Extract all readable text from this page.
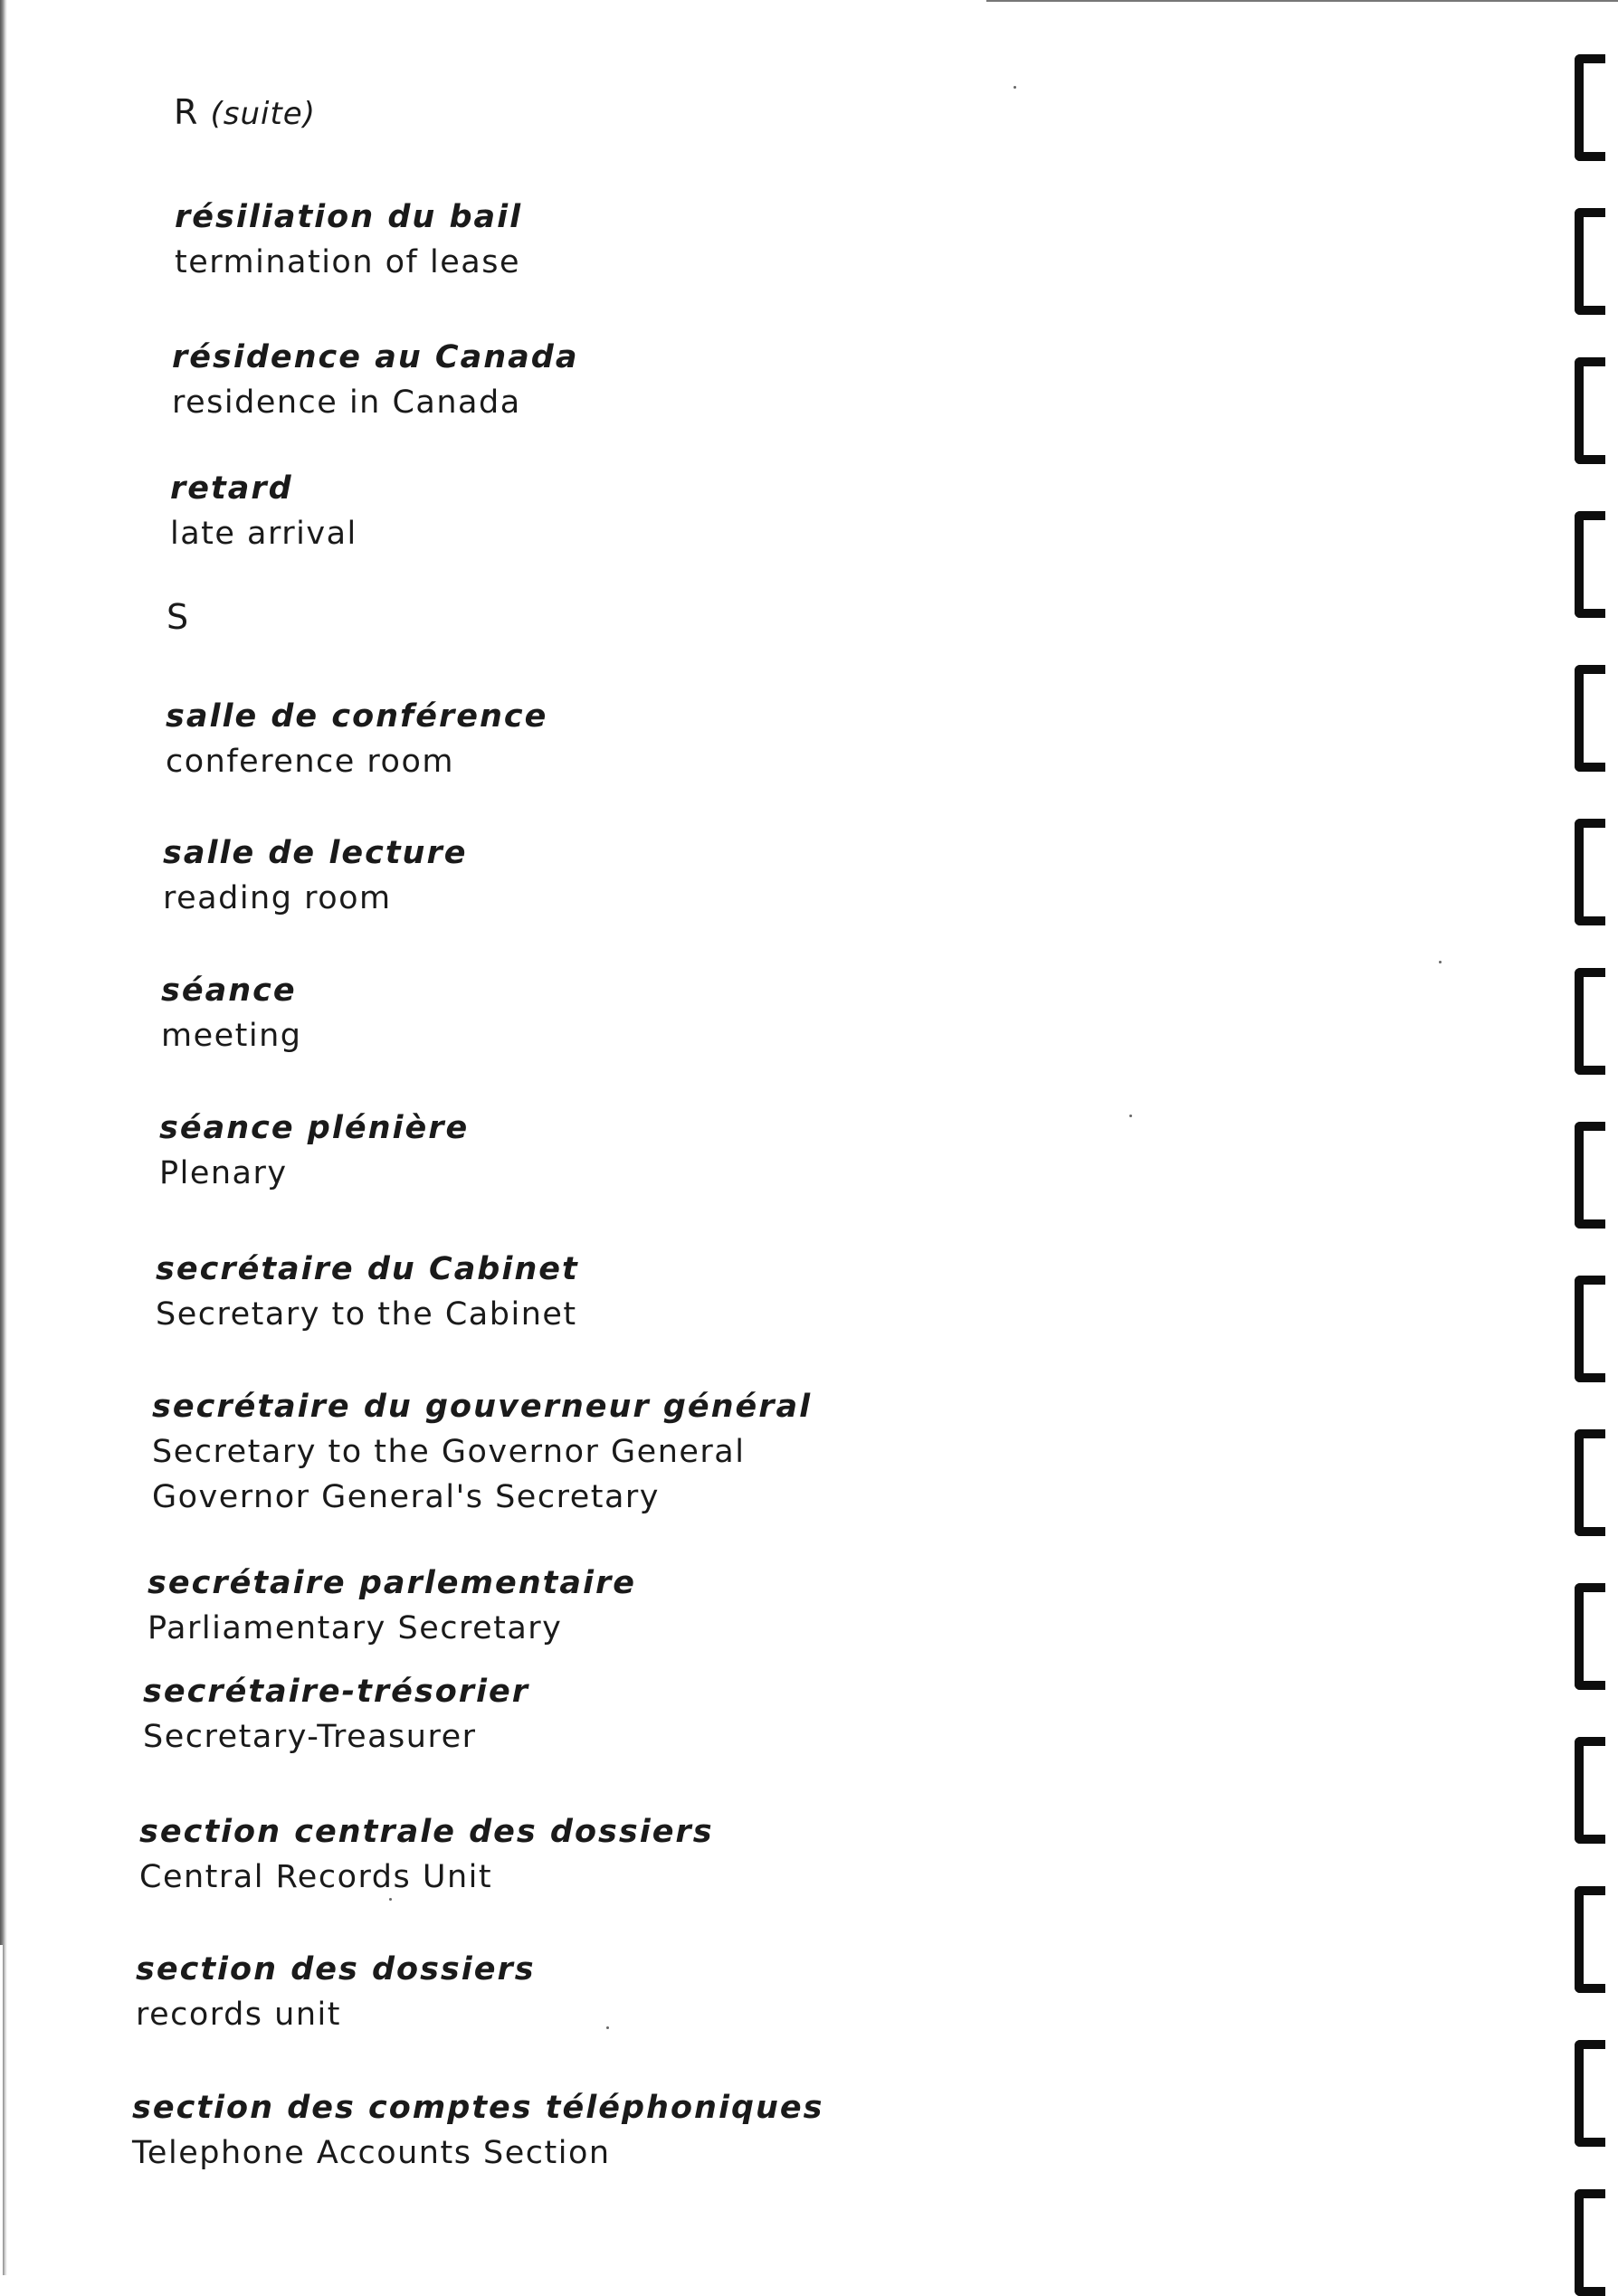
R (suite)
résiliation du bail
termination of lease
résidence au Canada
residence in Canada
retard
late arrival
S
salle de conférence
conference room
salle de lecture
reading room
séance
meeting
séance plénière
Plenary
secrétaire du Cabinet
Secretary to the Cabinet
secrétaire du gouverneur général
Secretary to the Governor General
Governor General's Secretary
secrétaire parlementaire
Parliamentary Secretary
secrétaire-trésorier
Secretary-Treasurer
section centrale des dossiers
Central Records Unit
section des dossiers
records unit
section des comptes téléphoniques
Telephone Accounts Section
